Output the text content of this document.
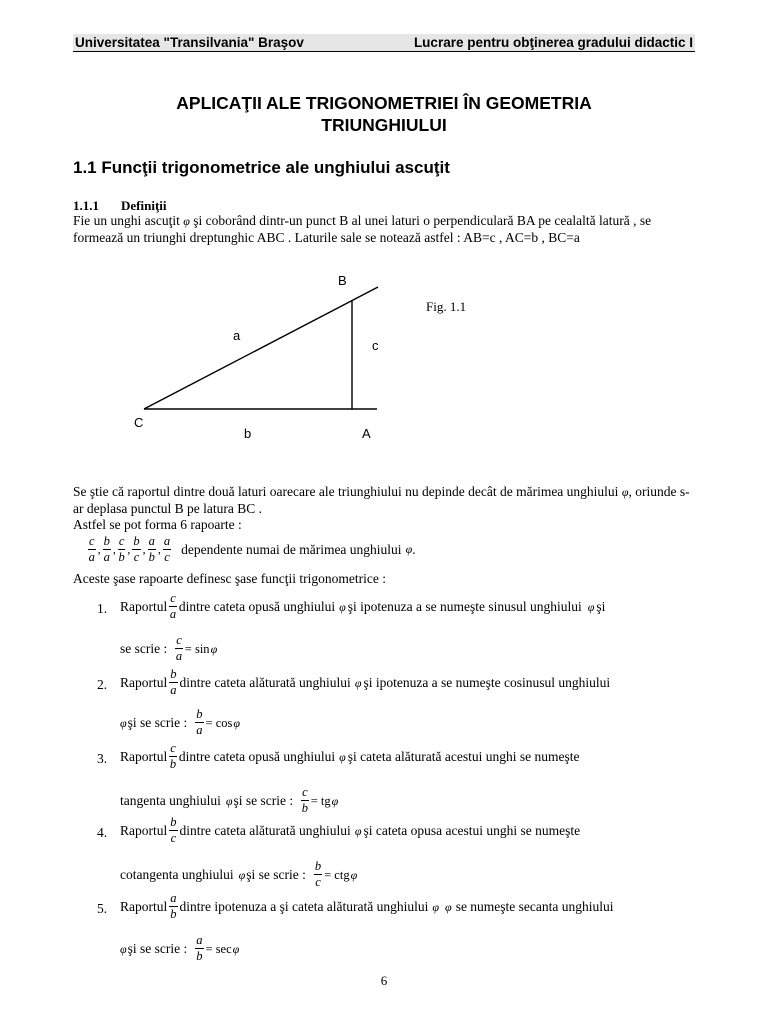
Universitatea "Transilvania" Braşov	Lucrare pentru obţinerea gradului didactic I
APLICAŢII ALE TRIGONOMETRIEI ÎN GEOMETRIA
TRIUNGHIULUI
1.1 Funcţii trigonometrice ale unghiului ascuţit
1.1.1 Definiţii
Fie un unghi ascuţit φ şi coborând dintr-un punct B al unei laturi o perpendiculară BA pe cealaltă latură , se formează un triunghi dreptunghic ABC . Laturile sale se notează astfel : AB=c , AC=b , BC=a
B
C
A
a
b
c
Fig. 1.1
Se ştie că raportul dintre două laturi oarecare ale triunghiului nu depinde decât de mărimea unghiului φ, oriunde s-ar deplasa punctul B pe latura BC .
Astfel se pot forma 6 rapoarte :
$\frac{c}{a}$ , $\frac{b}{a}$ , $\frac{c}{b}$ , $\frac{b}{c}$ , $\frac{a}{b}$ , $\frac{a}{c}$ dependente numai de mărimea unghiului φ .
Aceste şase rapoarte definesc şase funcţii trigonometrice :
1. Raportul $\frac{c}{a}$ dintre cateta opusă unghiului φ şi ipotenuza a se numeşte sinusul unghiului φ şi
se scrie : $\frac{c}{a} = \sin \varphi$
2. Raportul $\frac{b}{a}$ dintre cateta alăturată unghiului φ şi ipotenuza a se numeşte cosinusul unghiului
φ şi se scrie : $\frac{b}{a} = \cos \varphi$
3. Raportul $\frac{c}{b}$ dintre cateta opusă unghiului φ şi cateta alăturată acestui unghi se numeşte
tangenta unghiului φ şi se scrie : $\frac{c}{b}$ = tg φ
4. Raportul $\frac{b}{c}$ dintre cateta alăturată unghiului φ şi cateta opusa acestui unghi se numeşte
cotangenta unghiului φ şi se scrie : $\frac{b}{c}$ = ctg φ
5. Raportul $\frac{a}{b}$ dintre ipotenuza a şi cateta alăturată unghiului φ φ se numeşte secanta unghiului
φ şi se scrie : $\frac{a}{b} = \sec \varphi$
6
